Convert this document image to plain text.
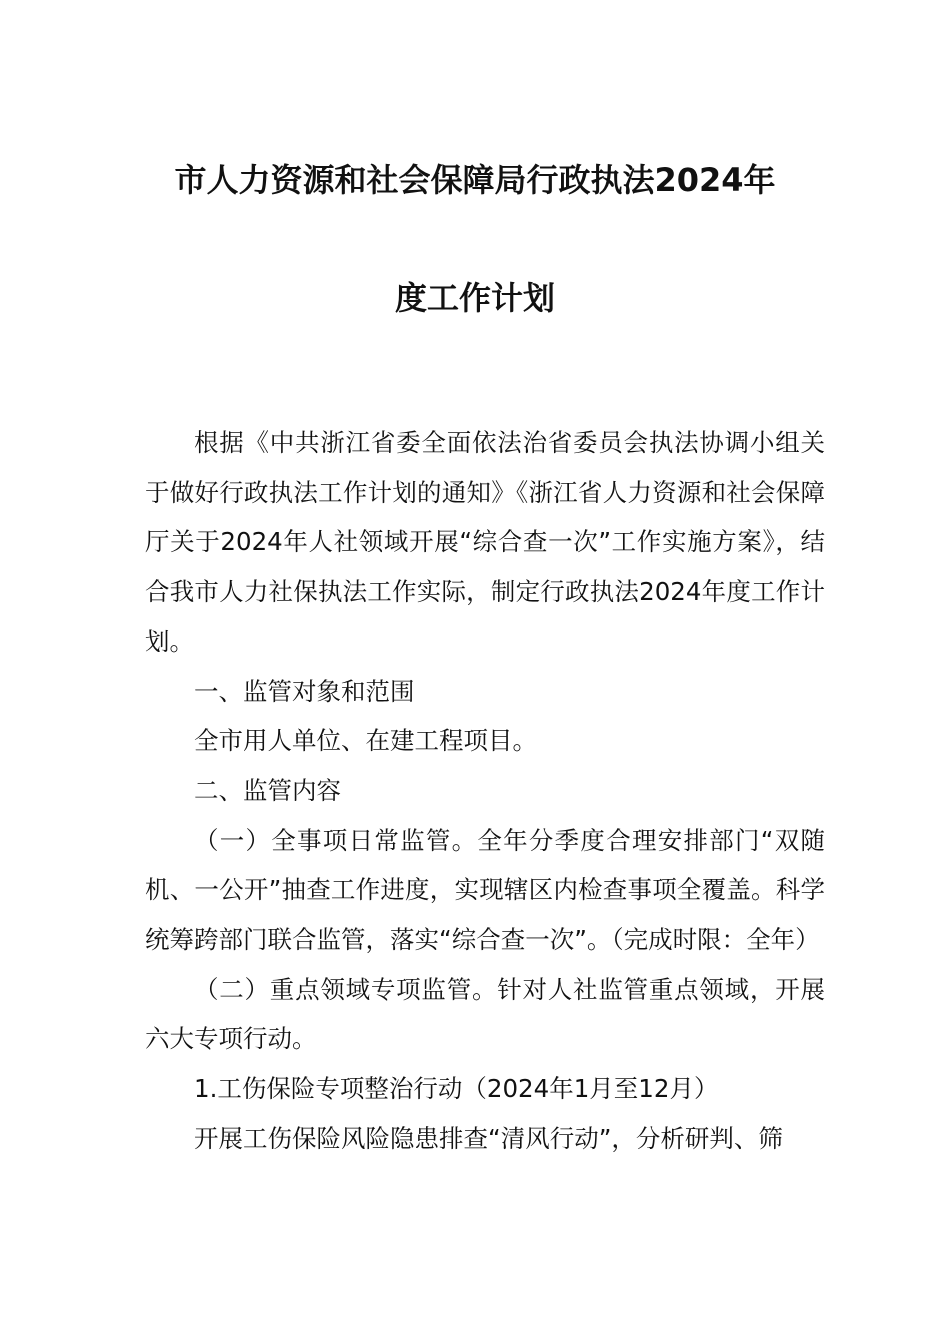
市人力资源和社会保障局行政执法2024年
度工作计划

根据《中共浙江省委全面依法治省委员会执法协调小组关于做好行政执法工作计划的通知》《浙江省人力资源和社会保障厅关于2024年人社领域开展“综合查一次”工作实施方案》，结合我市人力社保执法工作实际，制定行政执法2024年度工作计划。

一、监管对象和范围

全市用人单位、在建工程项目。

二、监管内容

（一）全事项日常监管。全年分季度合理安排部门“双随机、一公开”抽查工作进度，实现辖区内检查事项全覆盖。科学统筹跨部门联合监管，落实“综合查一次”。（完成时限：全年）

（二）重点领域专项监管。针对人社监管重点领域，开展六大专项行动。

1.工伤保险专项整治行动（2024年1月至12月）

开展工伤保险风险隐患排查“清风行动”，分析研判、筛
